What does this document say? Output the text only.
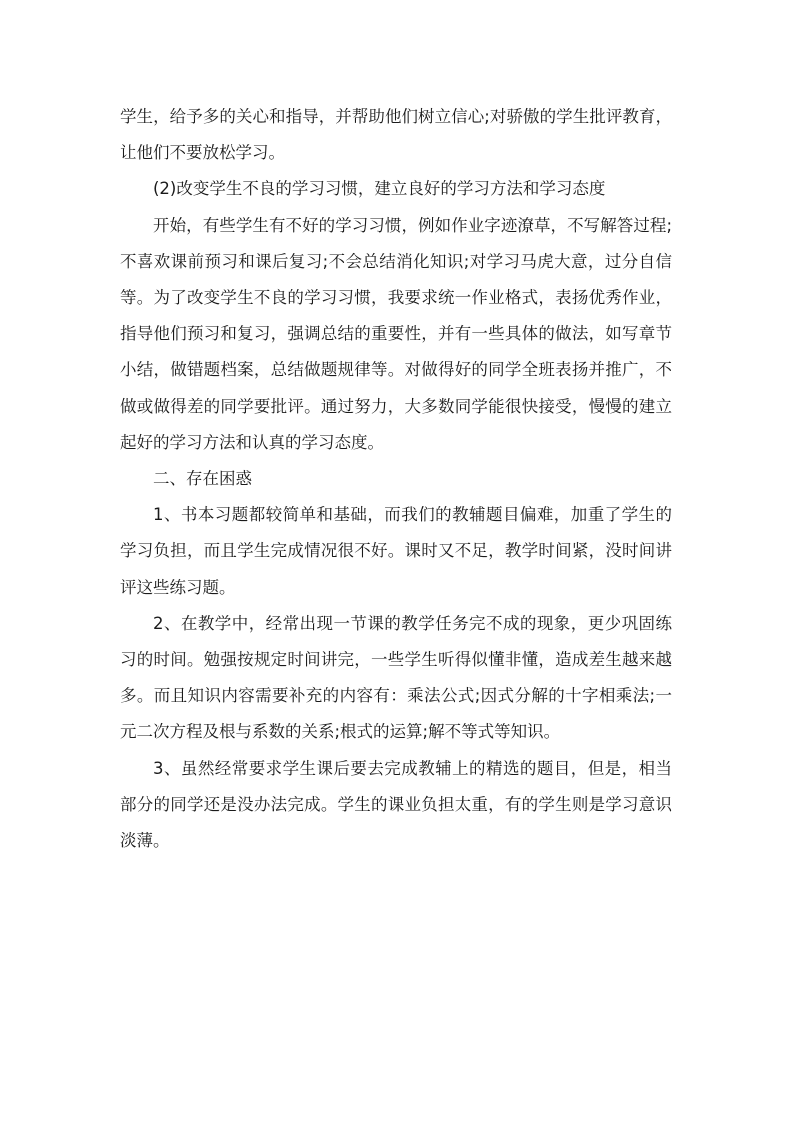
学生，给予多的关心和指导，并帮助他们树立信心;对骄傲的学生批评教育，让他们不要放松学习。

(2)改变学生不良的学习习惯，建立良好的学习方法和学习态度

开始，有些学生有不好的学习习惯，例如作业字迹潦草，不写解答过程;不喜欢课前预习和课后复习;不会总结消化知识;对学习马虎大意，过分自信等。为了改变学生不良的学习习惯，我要求统一作业格式，表扬优秀作业，指导他们预习和复习，强调总结的重要性，并有一些具体的做法，如写章节小结，做错题档案，总结做题规律等。对做得好的同学全班表扬并推广，不做或做得差的同学要批评。通过努力，大多数同学能很快接受，慢慢的建立起好的学习方法和认真的学习态度。

二、存在困惑

1、书本习题都较简单和基础，而我们的教辅题目偏难，加重了学生的学习负担，而且学生完成情况很不好。课时又不足，教学时间紧，没时间讲评这些练习题。

2、在教学中，经常出现一节课的教学任务完不成的现象，更少巩固练习的时间。勉强按规定时间讲完，一些学生听得似懂非懂，造成差生越来越多。而且知识内容需要补充的内容有：乘法公式;因式分解的十字相乘法;一元二次方程及根与系数的关系;根式的运算;解不等式等知识。

3、虽然经常要求学生课后要去完成教辅上的精选的题目，但是，相当部分的同学还是没办法完成。学生的课业负担太重，有的学生则是学习意识淡薄。
